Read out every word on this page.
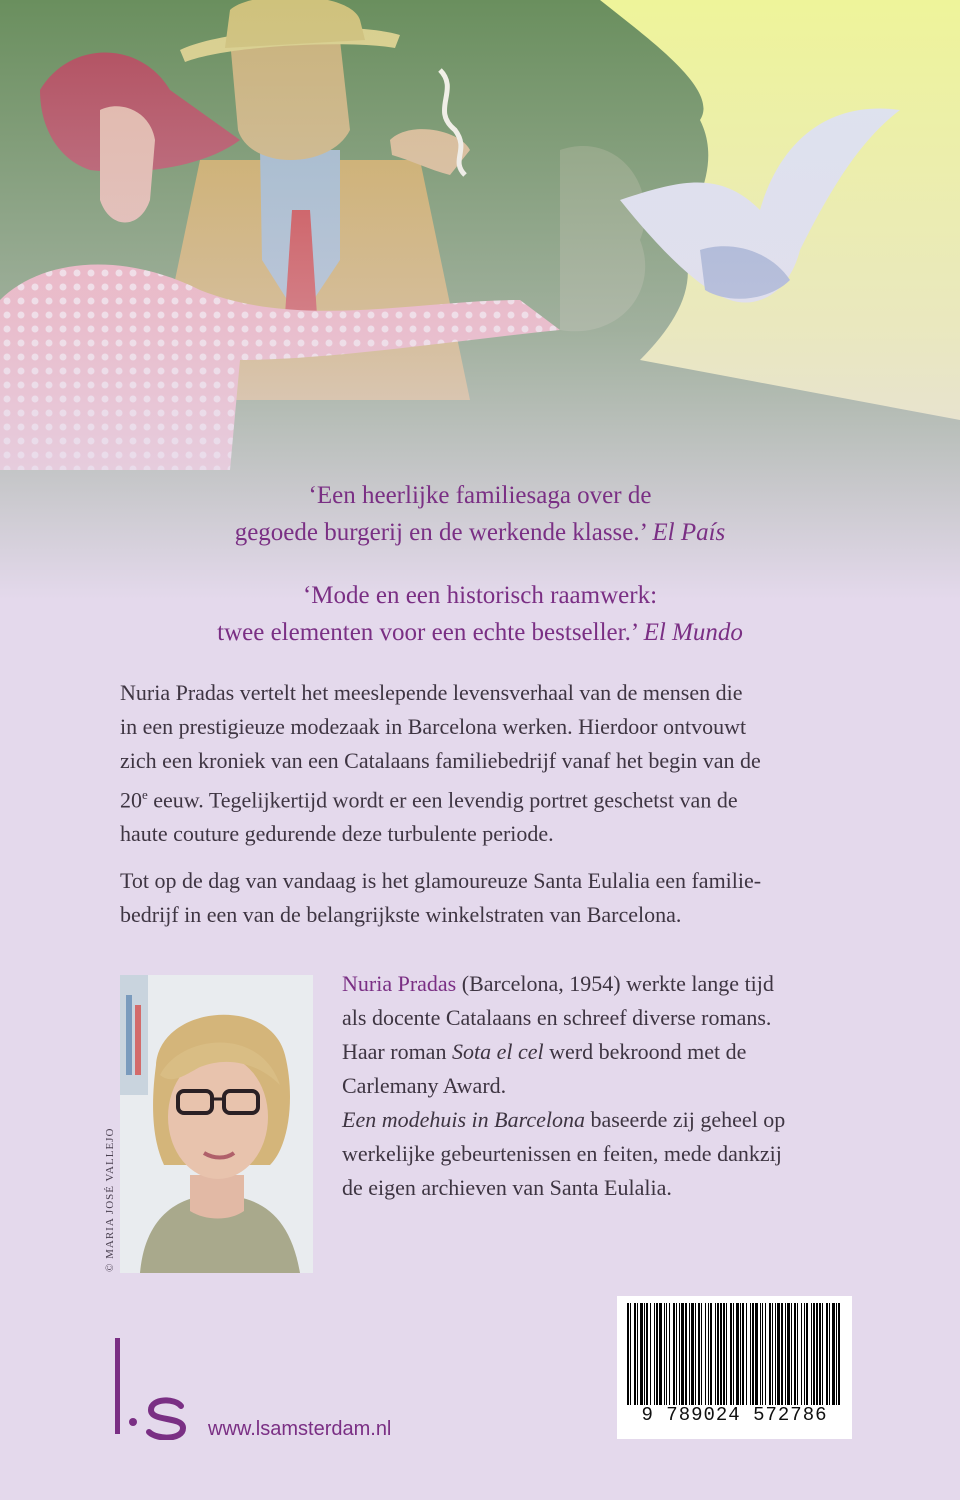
‘Een heerlijke familiesaga over de
gegoede burgerij en de werkende klasse.’ El País
‘Mode en een historisch raamwerk:
twee elementen voor een echte bestseller.’ El Mundo
Nuria Pradas vertelt het meeslepende levensverhaal van de mensen die
in een prestigieuze modezaak in Barcelona werken. Hierdoor ontvouwt
zich een kroniek van een Catalaans familiebedrijf vanaf het begin van de
20e eeuw. Tegelijkertijd wordt er een levendig portret geschetst van de
haute couture gedurende deze turbulente periode.
Tot op de dag van vandaag is het glamoureuze Santa Eulalia een familie-
bedrijf in een van de belangrijkste winkelstraten van Barcelona.
© MARIA JOSÉ VALLEJO
Nuria Pradas (Barcelona, 1954) werkte lange tijd
als docente Catalaans en schreef diverse romans.
Haar roman Sota el cel werd bekroond met de
Carlemany Award.
Een modehuis in Barcelona baseerde zij geheel op
werkelijke gebeurtenissen en feiten, mede dankzij
de eigen archieven van Santa Eulalia.
9 789024 572786
www.lsamsterdam.nl
